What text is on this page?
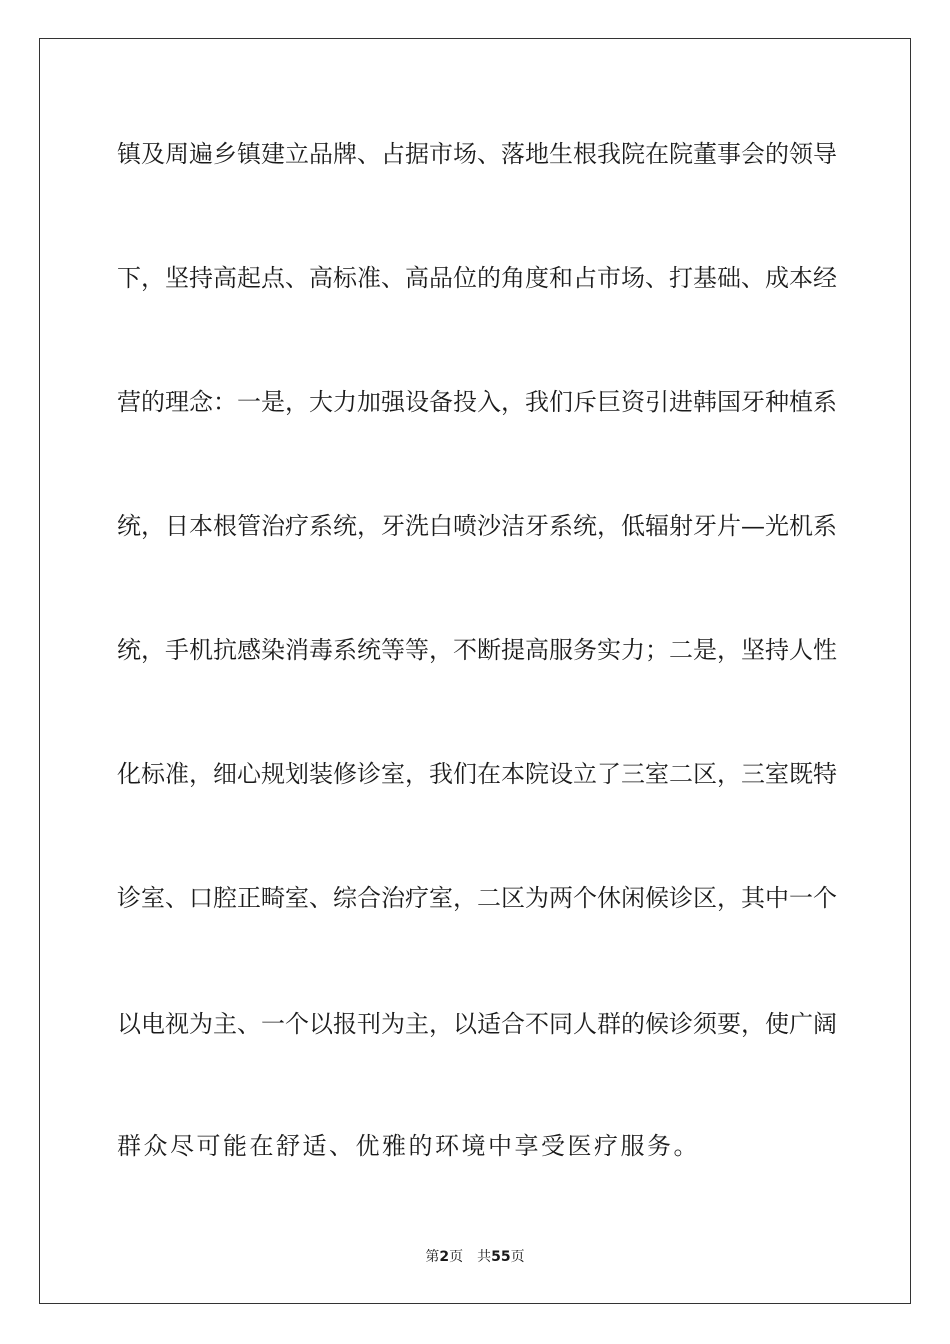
镇及周遍乡镇建立品牌、占据市场、落地生根我院在院董事会的领导
下，坚持高起点、高标准、高品位的角度和占市场、打基础、成本经
营的理念：一是，大力加强设备投入，我们斥巨资引进韩国牙种植系
统，日本根管治疗系统，牙洗白喷沙洁牙系统，低辐射牙片—光机系
统，手机抗感染消毒系统等等，不断提高服务实力；二是，坚持人性
化标准，细心规划装修诊室，我们在本院设立了三室二区，三室既特
诊室、口腔正畸室、综合治疗室，二区为两个休闲候诊区，其中一个
以电视为主、一个以报刊为主，以适合不同人群的候诊须要，使广阔
群众尽可能在舒适、优雅的环境中享受医疗服务。
第2页 共55页
